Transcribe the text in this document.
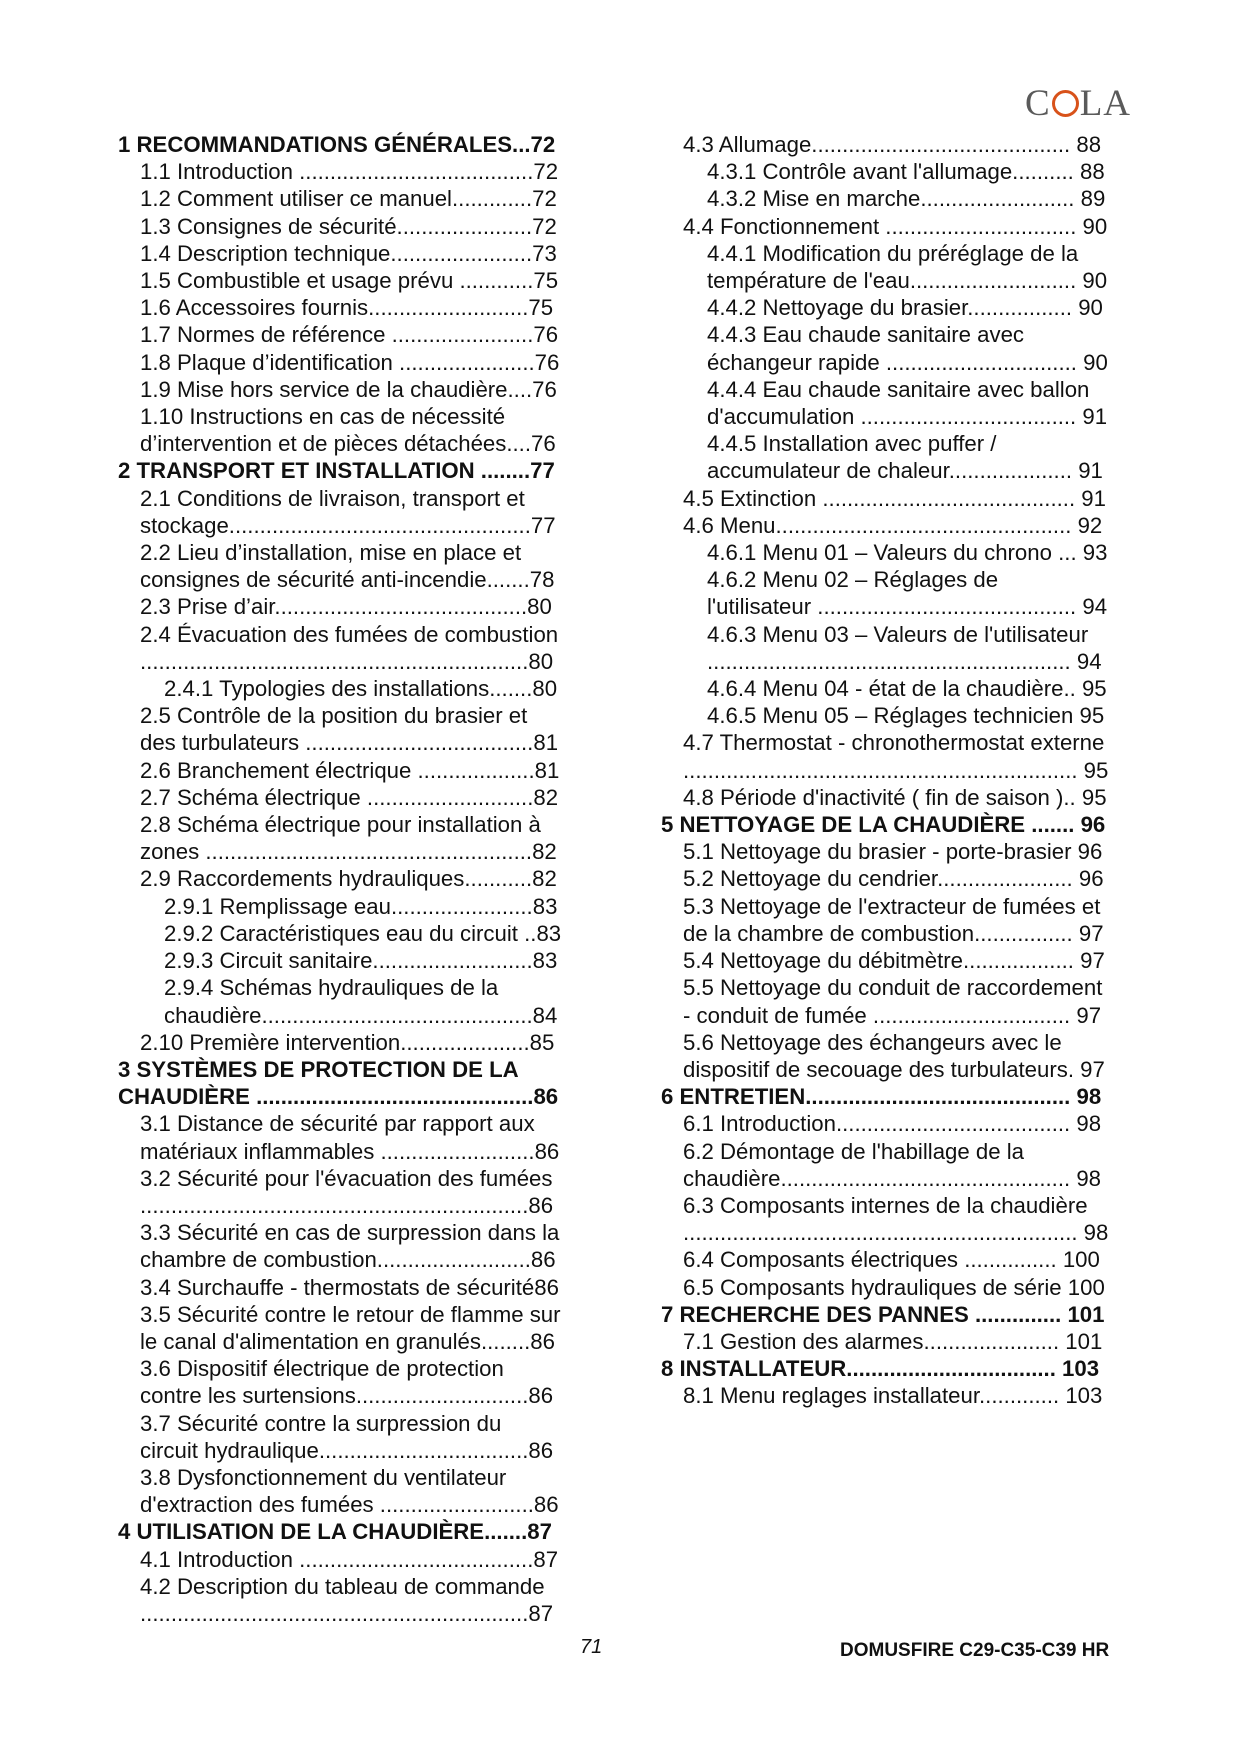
C LA
1 RECOMMANDATIONS GÉNÉRALES...72
1.1 Introduction ......................................72
1.2 Comment utiliser ce manuel.............72
1.3 Consignes de sécurité......................72
1.4 Description technique.......................73
1.5 Combustible et usage prévu ............75
1.6 Accessoires fournis..........................75
1.7 Normes de référence .......................76
1.8 Plaque d’identification ......................76
1.9 Mise hors service de la chaudière....76
1.10 Instructions en cas de nécessité
d’intervention et de pièces détachées....76
2 TRANSPORT ET INSTALLATION ........77
2.1 Conditions de livraison, transport et
stockage.................................................77
2.2 Lieu d’installation, mise en place et
consignes de sécurité anti-incendie.......78
2.3 Prise d’air.........................................80
2.4 Évacuation des fumées de combustion
...............................................................80
2.4.1 Typologies des installations.......80
2.5 Contrôle de la position du brasier et
des turbulateurs .....................................81
2.6 Branchement électrique ...................81
2.7 Schéma électrique ...........................82
2.8 Schéma électrique pour installation à
zones .....................................................82
2.9 Raccordements hydrauliques...........82
2.9.1 Remplissage eau.......................83
2.9.2 Caractéristiques eau du circuit ..83
2.9.3 Circuit sanitaire..........................83
2.9.4 Schémas hydrauliques de la
chaudière............................................84
2.10 Première intervention.....................85
3 SYSTÈMES DE PROTECTION DE LA
CHAUDIÈRE .............................................86
3.1 Distance de sécurité par rapport aux
matériaux inflammables .........................86
3.2 Sécurité pour l'évacuation des fumées
...............................................................86
3.3 Sécurité en cas de surpression dans la
chambre de combustion.........................86
3.4 Surchauffe - thermostats de sécurité86
3.5 Sécurité contre le retour de flamme sur
le canal d'alimentation en granulés........86
3.6 Dispositif électrique de protection
contre les surtensions............................86
3.7 Sécurité contre la surpression du
circuit hydraulique..................................86
3.8 Dysfonctionnement du ventilateur
d'extraction des fumées .........................86
4 UTILISATION DE LA CHAUDIÈRE.......87
4.1 Introduction ......................................87
4.2 Description du tableau de commande
...............................................................87
4.3 Allumage.......................................... 88
4.3.1 Contrôle avant l'allumage.......... 88
4.3.2 Mise en marche......................... 89
4.4 Fonctionnement ............................... 90
4.4.1 Modification du préréglage de la
température de l'eau........................... 90
4.4.2 Nettoyage du brasier................. 90
4.4.3 Eau chaude sanitaire avec
échangeur rapide ............................... 90
4.4.4 Eau chaude sanitaire avec ballon
d'accumulation ................................... 91
4.4.5 Installation avec puffer /
accumulateur de chaleur.................... 91
4.5 Extinction ......................................... 91
4.6 Menu................................................ 92
4.6.1 Menu 01 – Valeurs du chrono ... 93
4.6.2 Menu 02 – Réglages de
l'utilisateur .......................................... 94
4.6.3 Menu 03 – Valeurs de l'utilisateur
........................................................... 94
4.6.4 Menu 04 - état de la chaudière.. 95
4.6.5 Menu 05 – Réglages technicien 95
4.7 Thermostat - chronothermostat externe
................................................................ 95
4.8 Période d'inactivité ( fin de saison ).. 95
5 NETTOYAGE DE LA CHAUDIÈRE ....... 96
5.1 Nettoyage du brasier - porte-brasier 96
5.2 Nettoyage du cendrier...................... 96
5.3 Nettoyage de l'extracteur de fumées et
de la chambre de combustion................ 97
5.4 Nettoyage du débitmètre.................. 97
5.5 Nettoyage du conduit de raccordement
- conduit de fumée ................................ 97
5.6 Nettoyage des échangeurs avec le
dispositif de secouage des turbulateurs. 97
6 ENTRETIEN........................................... 98
6.1 Introduction...................................... 98
6.2 Démontage de l'habillage de la
chaudière............................................... 98
6.3 Composants internes de la chaudière
................................................................ 98
6.4 Composants électriques ............... 100
6.5 Composants hydrauliques de série 100
7 RECHERCHE DES PANNES .............. 101
7.1 Gestion des alarmes...................... 101
8 INSTALLATEUR.................................. 103
8.1 Menu reglages installateur............. 103
71	DOMUSFIRE C29-C35-C39 HR
